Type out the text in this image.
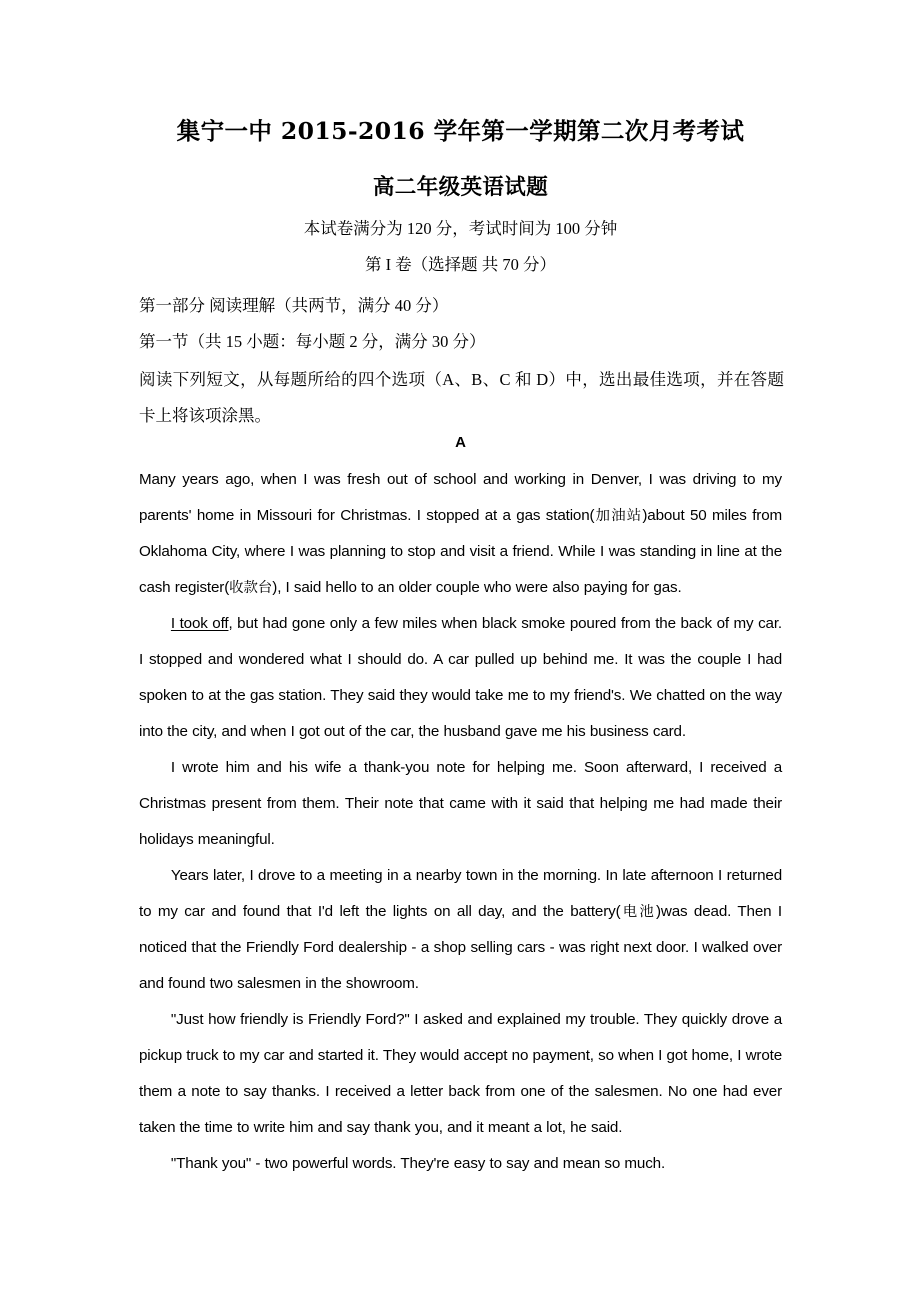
集宁一中 2015-2016 学年第一学期第二次月考考试
高二年级英语试题
本试卷满分为 120 分，考试时间为 100 分钟
第 I 卷（选择题 共 70 分）
第一部分 阅读理解（共两节，满分 40 分）
第一节（共 15 小题：每小题 2 分，满分 30 分）
阅读下列短文，从每题所给的四个选项（A、B、C 和 D）中，选出最佳选项，并在答题卡上将该项涂黑。
A

Many years ago, when I was fresh out of school and working in Denver, I was driving to my parents' home in Missouri for Christmas. I stopped at a gas station(加油站)about 50 miles from Oklahoma City, where I was planning to stop and visit a friend. While I was standing in line at the cash register(收款台), I said hello to an older couple who were also paying for gas.

I took off, but had gone only a few miles when black smoke poured from the back of my car. I stopped and wondered what I should do. A car pulled up behind me. It was the couple I had spoken to at the gas station. They said they would take me to my friend's. We chatted on the way into the city, and when I got out of the car, the husband gave me his business card.

I wrote him and his wife a thank-you note for helping me. Soon afterward, I received a Christmas present from them. Their note that came with it said that helping me had made their holidays meaningful.

Years later, I drove to a meeting in a nearby town in the morning. In late afternoon I returned to my car and found that I'd left the lights on all day, and the battery(电池)was dead. Then I noticed that the Friendly Ford dealership - a shop selling cars - was right next door. I walked over and found two salesmen in the showroom.

"Just how friendly is Friendly Ford?" I asked and explained my trouble. They quickly drove a pickup truck to my car and started it. They would accept no payment, so when I got home, I wrote them a note to say thanks. I received a letter back from one of the salesmen. No one had ever taken the time to write him and say thank you, and it meant a lot, he said.

"Thank you" - two powerful words. They're easy to say and mean so much.
